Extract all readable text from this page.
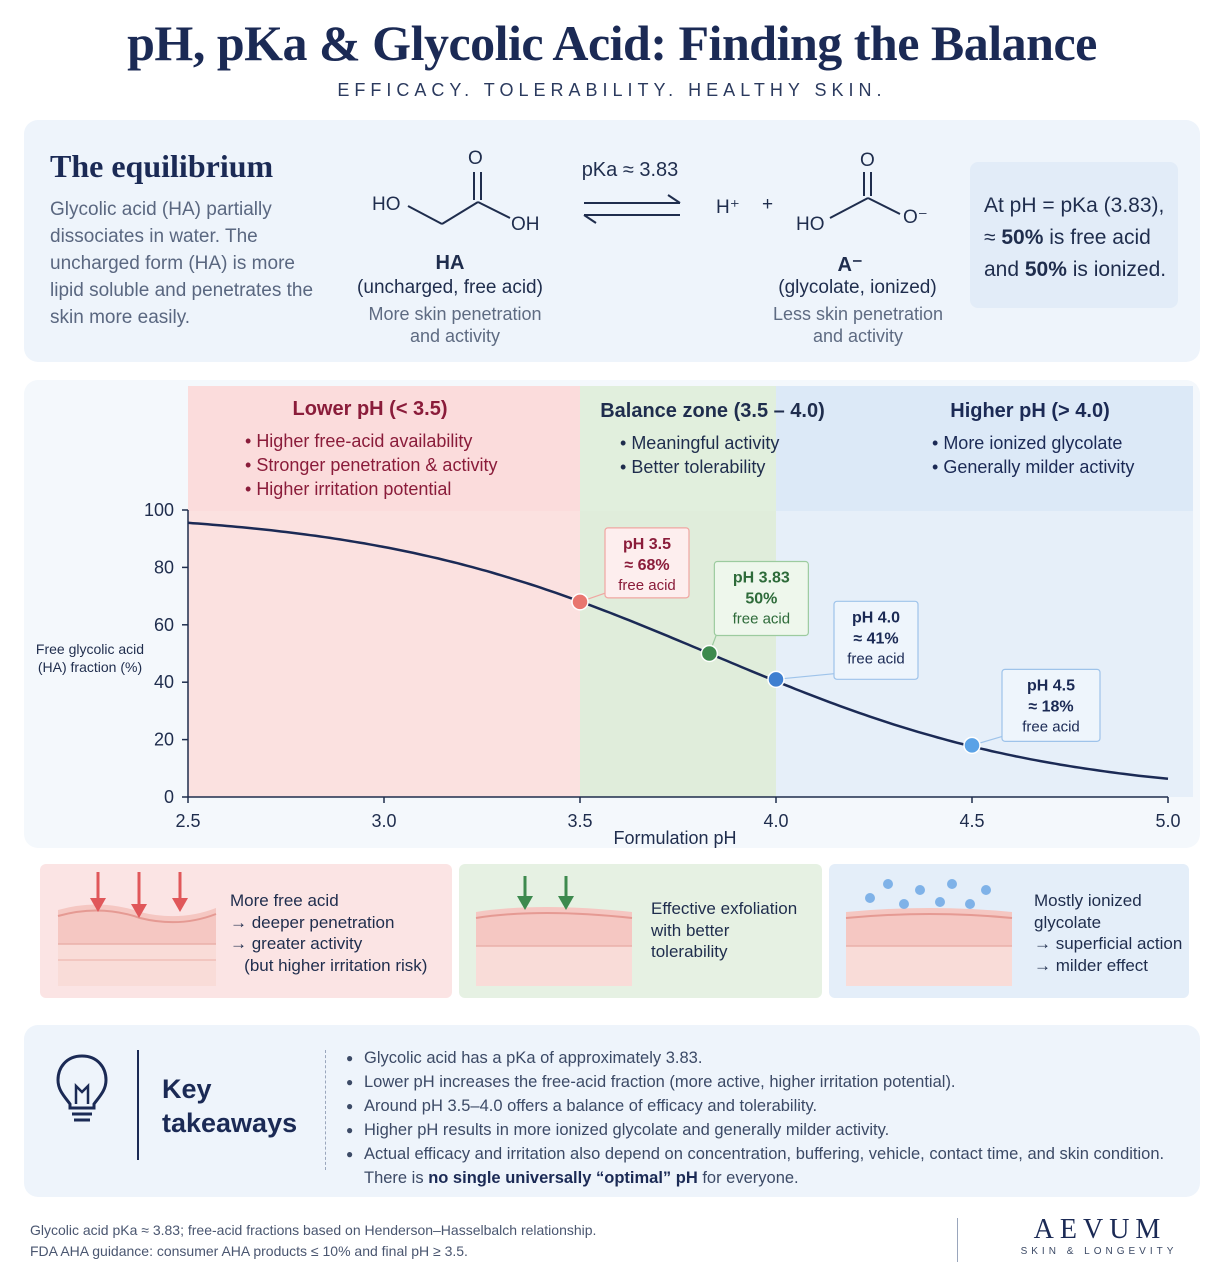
pH, pKa & Glycolic Acid: Finding the Balance
EFFICACY. TOLERABILITY. HEALTHY SKIN.
The equilibrium
Glycolic acid (HA) partially dissociates in water. The uncharged form (HA) is more lipid soluble and penetrates the skin more easily.
O
HO
OH
HA
(uncharged, free acid)
More skin penetration and activity
pKa ≈ 3.83
H⁺ +
O
HO	O⁻
A⁻
(glycolate, ionized)
Less skin penetration and activity
At pH = pKa (3.83),
≈ 50% is free acid
and 50% is ionized.
0
20
40
60
80
100
2.5	3.0	3.5	4.0	4.5	5.0
pH 3.5
≈ 68%
free acid	pH 3.83
50%
free acid	pH 4.0
≈ 41%
free acid
pH 4.5
≈ 18%
free acid
Lower pH (< 3.5)
• Higher free-acid availability
• Stronger penetration & activity
• Higher irritation potential
Balance zone (3.5 – 4.0)
• Meaningful activity
• Better tolerability
Higher pH (> 4.0)
• More ionized glycolate
• Generally milder activity
Free glycolic acid (HA) fraction (%)
Formulation pH
More free acid
→ deeper penetration
→ greater activity
(but higher irritation risk)
Effective exfoliation
with better
tolerability
Mostly ionized
glycolate
→ superficial action
→ milder effect
Key
takeaways
● Glycolic acid has a pKa of approximately 3.83.
● Lower pH increases the free-acid fraction (more active, higher irritation potential).
● Around pH 3.5–4.0 offers a balance of efficacy and tolerability.
● Higher pH results in more ionized glycolate and generally milder activity.
● Actual efficacy and irritation also depend on concentration, buffering, vehicle, contact time, and skin condition.
There is no single universally “optimal” pH for everyone.
Glycolic acid pKa ≈ 3.83; free-acid fractions based on Henderson–Hasselbalch relationship.
FDA AHA guidance: consumer AHA products ≤ 10% and final pH ≥ 3.5.
AEVUM
SKIN & LONGEVITY
